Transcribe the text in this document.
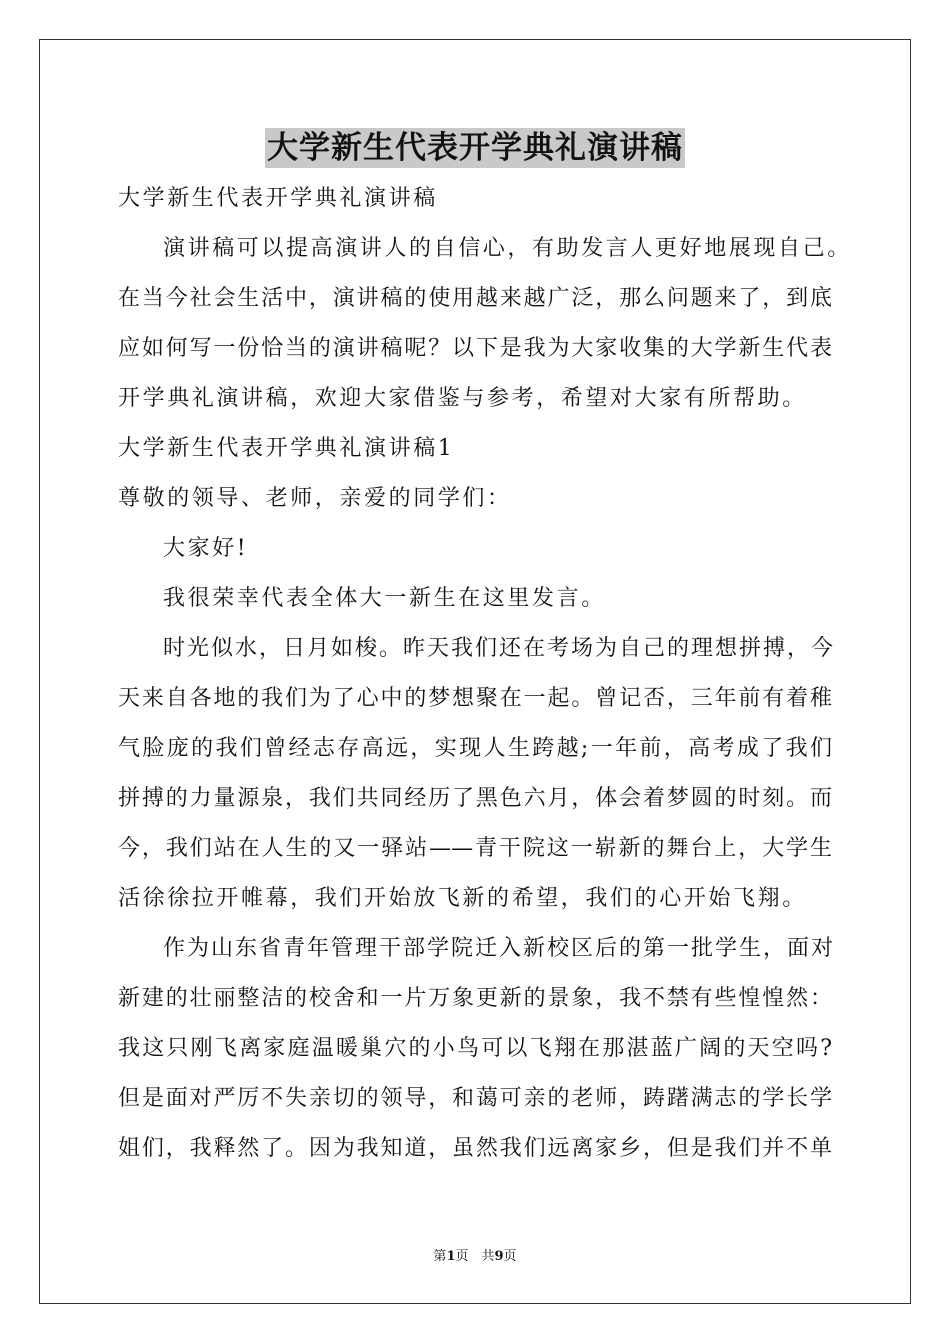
大学新生代表开学典礼演讲稿
大学新生代表开学典礼演讲稿
演讲稿可以提高演讲人的自信心，有助发言人更好地展现自己。
在当今社会生活中，演讲稿的使用越来越广泛，那么问题来了，到底
应如何写一份恰当的演讲稿呢？以下是我为大家收集的大学新生代表
开学典礼演讲稿，欢迎大家借鉴与参考，希望对大家有所帮助。
大学新生代表开学典礼演讲稿1
尊敬的领导、老师，亲爱的同学们：
大家好!
我很荣幸代表全体大一新生在这里发言。
时光似水，日月如梭。昨天我们还在考场为自己的理想拼搏，今
天来自各地的我们为了心中的梦想聚在一起。曾记否，三年前有着稚
气脸庞的我们曾经志存高远，实现人生跨越;一年前，高考成了我们
拼搏的力量源泉，我们共同经历了黑色六月，体会着梦圆的时刻。而
今，我们站在人生的又一驿站——青干院这一崭新的舞台上，大学生
活徐徐拉开帷幕，我们开始放飞新的希望，我们的心开始飞翔。
作为山东省青年管理干部学院迁入新校区后的第一批学生，面对
新建的壮丽整洁的校舍和一片万象更新的景象，我不禁有些惶惶然：
我这只刚飞离家庭温暖巢穴的小鸟可以飞翔在那湛蓝广阔的天空吗?
但是面对严厉不失亲切的领导，和蔼可亲的老师，踌躇满志的学长学
姐们，我释然了。因为我知道，虽然我们远离家乡，但是我们并不单
第1页　共9页
